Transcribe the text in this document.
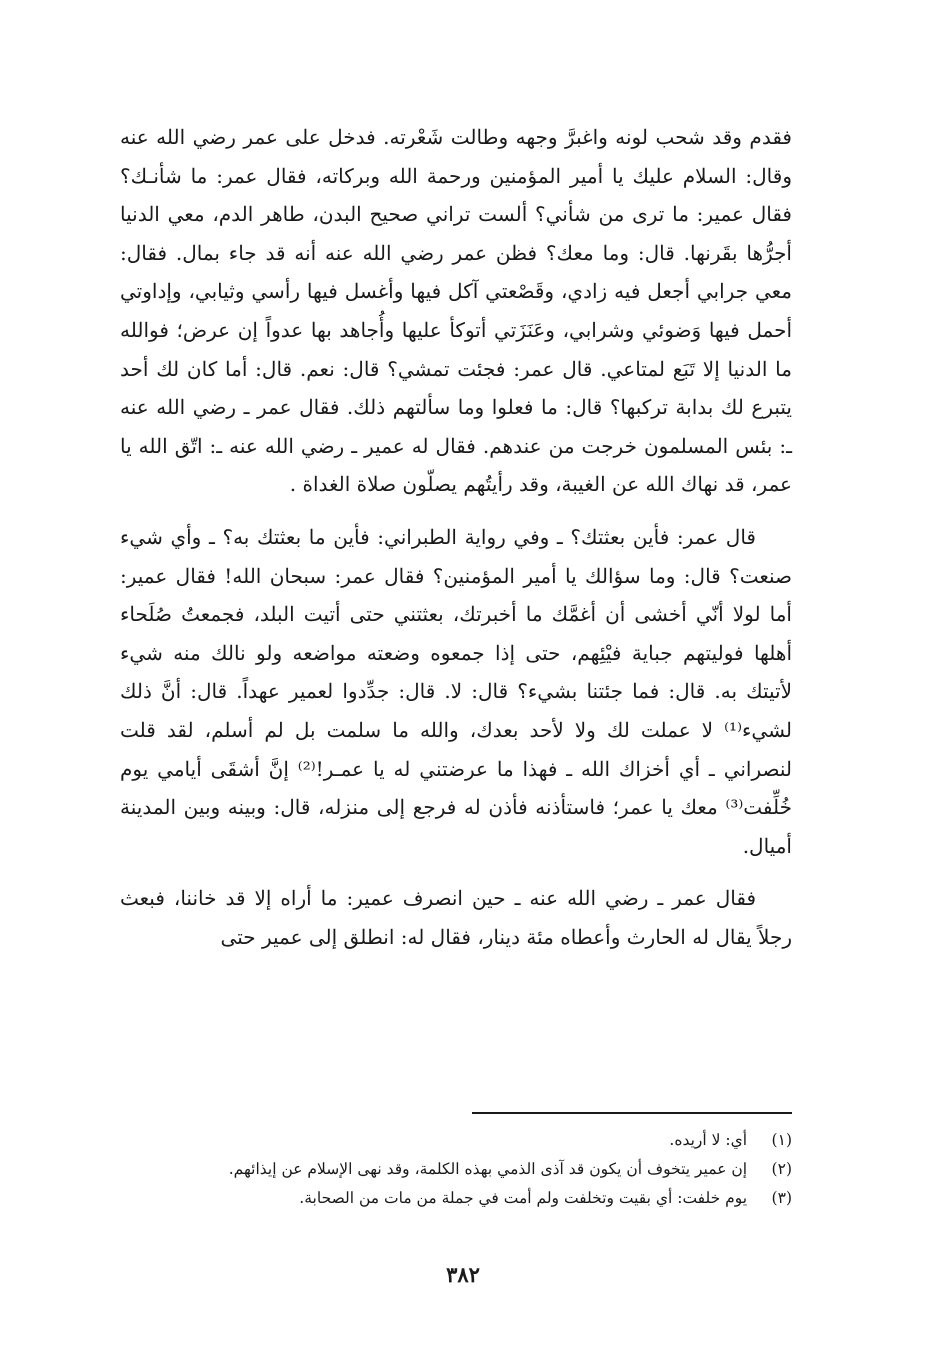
فقدم وقد شحب لونه واغبرَّ وجهه وطالت شَعْرته. فدخل على عمر رضي الله عنه وقال: السلام عليك يا أمير المؤمنين ورحمة الله وبركاته، فقال عمر: ما شأنـك؟ فقال عمير: ما ترى من شأني؟ ألست تراني صحيح البدن، طاهر الدم، معي الدنيا أجرُّها بقَرنها. قال: وما معك؟ فظن عمر رضي الله عنه أنه قد جاء بمال. فقال: معي جرابي أجعل فيه زادي، وقَصْعتي آكل فيها وأغسل فيها رأسي وثيابي، وإداوتي أحمل فيها وَضوئي وشرابي، وعَنَزَتي أتوكأ عليها وأُجاهد بها عدواً إن عرض؛ فوالله ما الدنيا إلا تَبَع لمتاعي. قال عمر: فجئت تمشي؟ قال: نعم. قال: أما كان لك أحد يتبرع لك بدابة تركبها؟ قال: ما فعلوا وما سألتهم ذلك. فقال عمر ـ رضي الله عنه ـ: بئس المسلمون خرجت من عندهم. فقال له عمير ـ رضي الله عنه ـ: اتّق الله يا عمر، قد نهاك الله عن الغيبة، وقد رأيتُهم يصلّون صلاة الغداة .

قال عمر: فأين بعثتك؟ ـ وفي رواية الطبراني: فأين ما بعثتك به؟ ـ وأي شيء صنعت؟ قال: وما سؤالك يا أمير المؤمنين؟ فقال عمر: سبحان الله! فقال عمير: أما لولا أنّي أخشى أن أغمَّك ما أخبرتك، بعثتني حتى أتيت البلد، فجمعتُ صُلَحاء أهلها فوليتهم جباية فيْئِهم، حتى إذا جمعوه وضعته مواضعه ولو نالك منه شيء لأتيتك به. قال: فما جئتنا بشيء؟ قال: لا. قال: جدِّدوا لعمير عهداً. قال: أنَّ ذلك لشيء⁽¹⁾ لا عملت لك ولا لأحد بعدك، والله ما سلمت بل لم أسلم، لقد قلت لنصراني ـ أي أخزاك الله ـ فهذا ما عرضتني له يا عمـر!⁽²⁾ إنَّ أشقَى أيامي يوم خُلِّفت⁽³⁾ معك يا عمر؛ فاستأذنه فأذن له فرجع إلى منزله، قال: وبينه وبين المدينة أميال.

فقال عمر ـ رضي الله عنه ـ حين انصرف عمير: ما أراه إلا قد خاننا، فبعث رجلاً يقال له الحارث وأعطاه مئة دينار، فقال له: انطلق إلى عمير حتى

(١) أي: لا أريده.

(٢) إن عمير يتخوف أن يكون قد آذى الذمي بهذه الكلمة، وقد نهى الإسلام عن إيذائهم.

(٣) يوم خلفت: أي بقيت وتخلفت ولم أمت في جملة من مات من الصحابة.

٣٨٢
